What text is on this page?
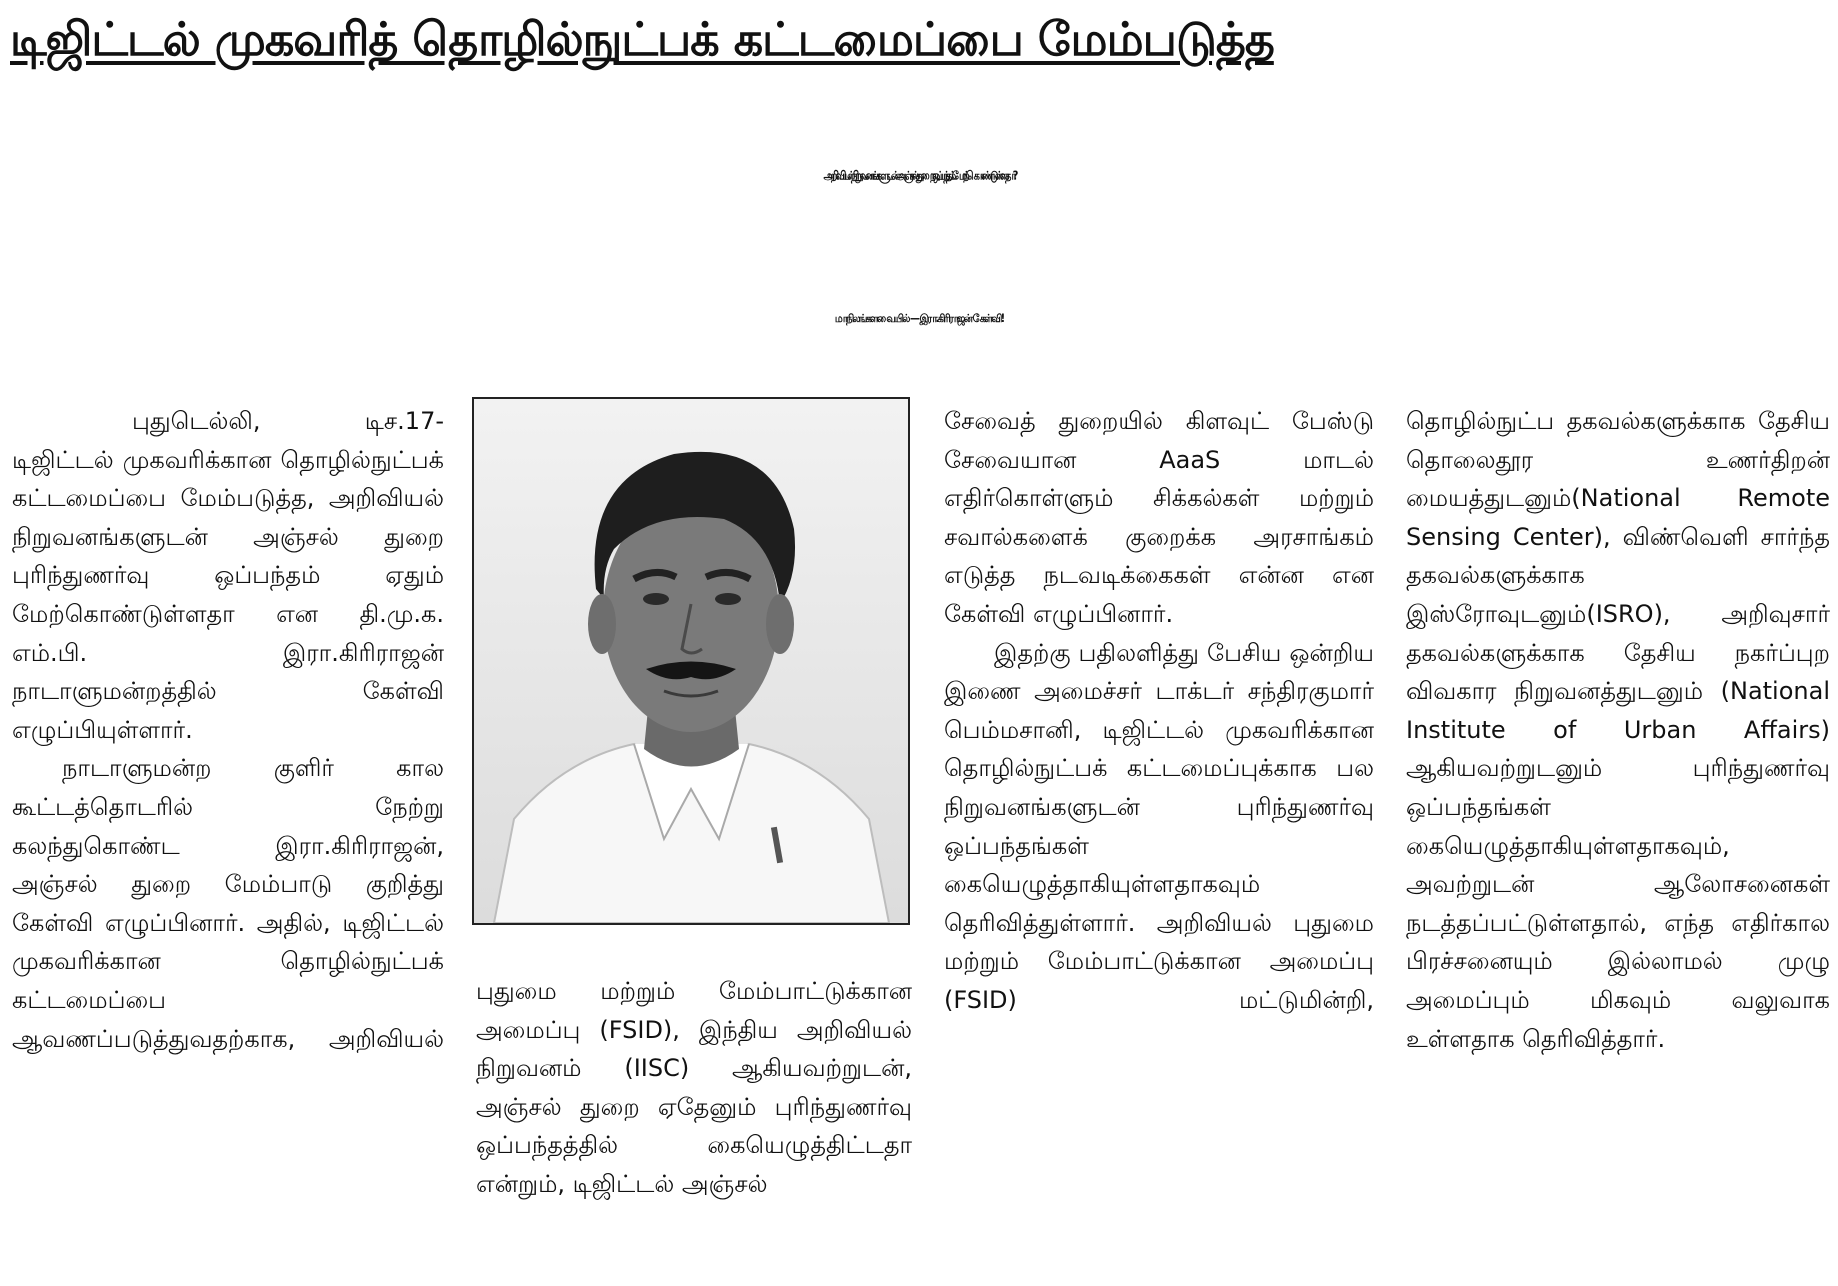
டிஜிட்டல் முகவரித் தொழில்நுட்பக் கட்டமைப்பை மேம்படுத்த
அறிவியல் நிறுவனங்களுடன் அஞ்சல்துறை ஒப்பந்தம் மேற்கொண்டுள்ளதா?
மாநிலங்களவையில் — இரா.கிரிராஜன் கேள்வி!

புதுடெல்லி, டிச.17- டிஜிட்டல் முகவரிக்கான தொழில்நுட்பக் கட்டமைப்பை மேம்படுத்த, அறிவியல் நிறுவனங்களுடன் அஞ்சல் துறை புரிந்துணர்வு ஒப்பந்தம் ஏதும் மேற்கொண்டுள்ளதா என தி.மு.க. எம்.பி. இரா.கிரிராஜன் நாடாளுமன்றத்தில் கேள்வி எழுப்பியுள்ளார்.

நாடாளுமன்ற குளிர் கால கூட்டத்தொடரில் நேற்று கலந்துகொண்ட இரா.கிரிராஜன், அஞ்சல் துறை மேம்பாடு குறித்து கேள்வி எழுப்பினார். அதில், டிஜிட்டல் முகவரிக்கான தொழில்நுட்பக் கட்டமைப்பை ஆவணப்படுத்துவதற்காக, அறிவியல்

புதுமை மற்றும் மேம்பாட்டுக்கான அமைப்பு (FSID), இந்திய அறிவியல் நிறுவனம் (IISC) ஆகியவற்றுடன், அஞ்சல் துறை ஏதேனும் புரிந்துணர்வு ஒப்பந்தத்தில் கையெழுத்திட்டதா என்றும், டிஜிட்டல் அஞ்சல்

சேவைத் துறையில் கிளவுட் பேஸ்டு சேவையான AaaS மாடல் எதிர்கொள்ளும் சிக்கல்கள் மற்றும் சவால்களைக் குறைக்க அரசாங்கம் எடுத்த நடவடிக்கைகள் என்ன என கேள்வி எழுப்பினார்.

இதற்கு பதிலளித்து பேசிய ஒன்றிய இணை அமைச்சர் டாக்டர் சந்திரகுமார் பெம்மசானி, டிஜிட்டல் முகவரிக்கான தொழில்நுட்பக் கட்டமைப்புக்காக பல நிறுவனங்களுடன் புரிந்துணர்வு ஒப்பந்தங்கள் கையெழுத்தாகியுள்ளதாகவும் தெரிவித்துள்ளார். அறிவியல் புதுமை மற்றும் மேம்பாட்டுக்கான அமைப்பு (FSID) மட்டுமின்றி,

தொழில்நுட்ப தகவல்களுக்காக தேசிய தொலைதூர உணர்திறன் மையத்துடனும்(National Remote Sensing Center), விண்வெளி சார்ந்த தகவல்களுக்காக இஸ்ரோவுடனும்(ISRO), அறிவுசார் தகவல்களுக்காக தேசிய நகர்ப்புற விவகார நிறுவனத்துடனும் (National Institute of Urban Affairs) ஆகியவற்றுடனும் புரிந்துணர்வு ஒப்பந்தங்கள் கையெழுத்தாகியுள்ளதாகவும், அவற்றுடன் ஆலோசனைகள் நடத்தப்பட்டுள்ளதால், எந்த எதிர்கால பிரச்சனையும் இல்லாமல் முழு அமைப்பும் மிகவும் வலுவாக உள்ளதாக தெரிவித்தார்.
